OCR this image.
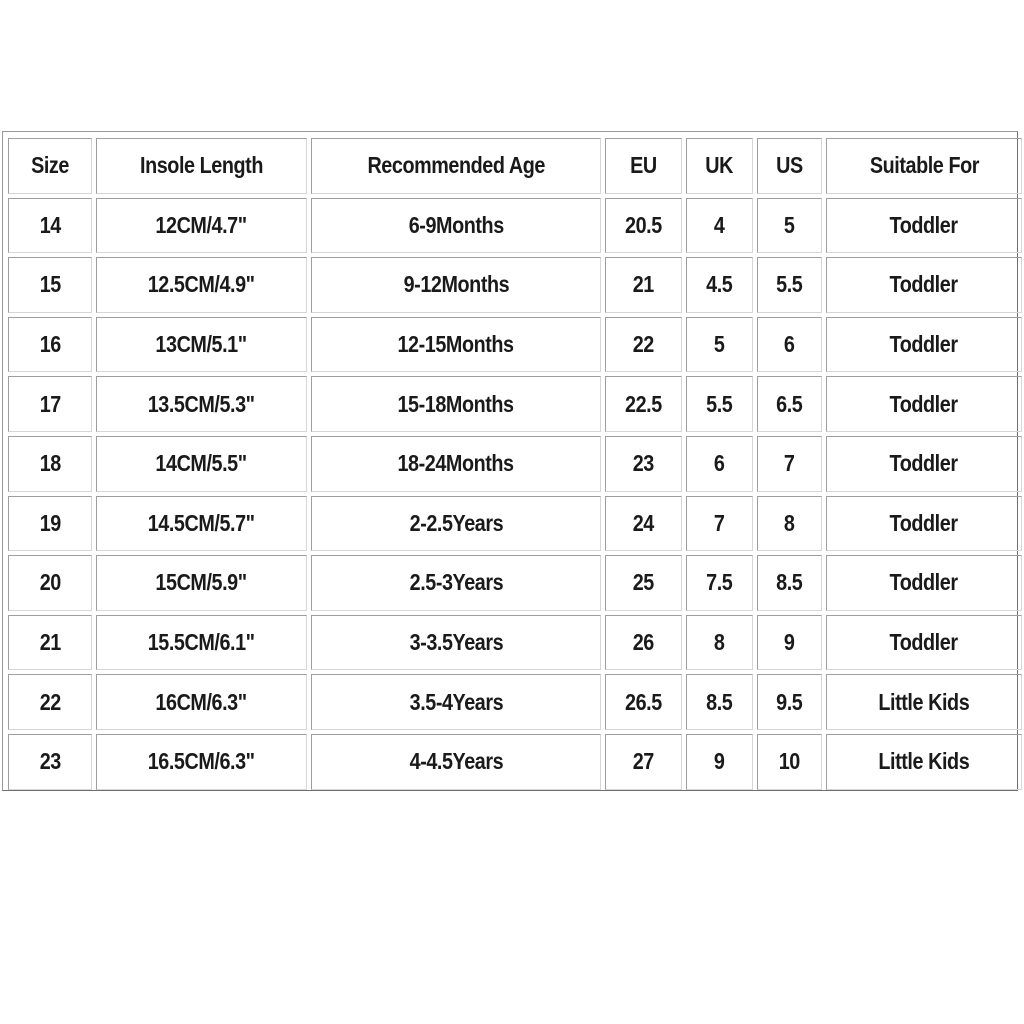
Size	Insole Length	Recommended Age	EU	UK	US	Suitable For
14	12CM/4.7"	6-9Months	20.5	4	5	Toddler
15	12.5CM/4.9"	9-12Months	21	4.5	5.5	Toddler
16	13CM/5.1"	12-15Months	22	5	6	Toddler
17	13.5CM/5.3"	15-18Months	22.5	5.5	6.5	Toddler
18	14CM/5.5"	18-24Months	23	6	7	Toddler
19	14.5CM/5.7"	2-2.5Years	24	7	8	Toddler
20	15CM/5.9"	2.5-3Years	25	7.5	8.5	Toddler
21	15.5CM/6.1"	3-3.5Years	26	8	9	Toddler
22	16CM/6.3"	3.5-4Years	26.5	8.5	9.5	Little Kids
23	16.5CM/6.3"	4-4.5Years	27	9	10	Little Kids
